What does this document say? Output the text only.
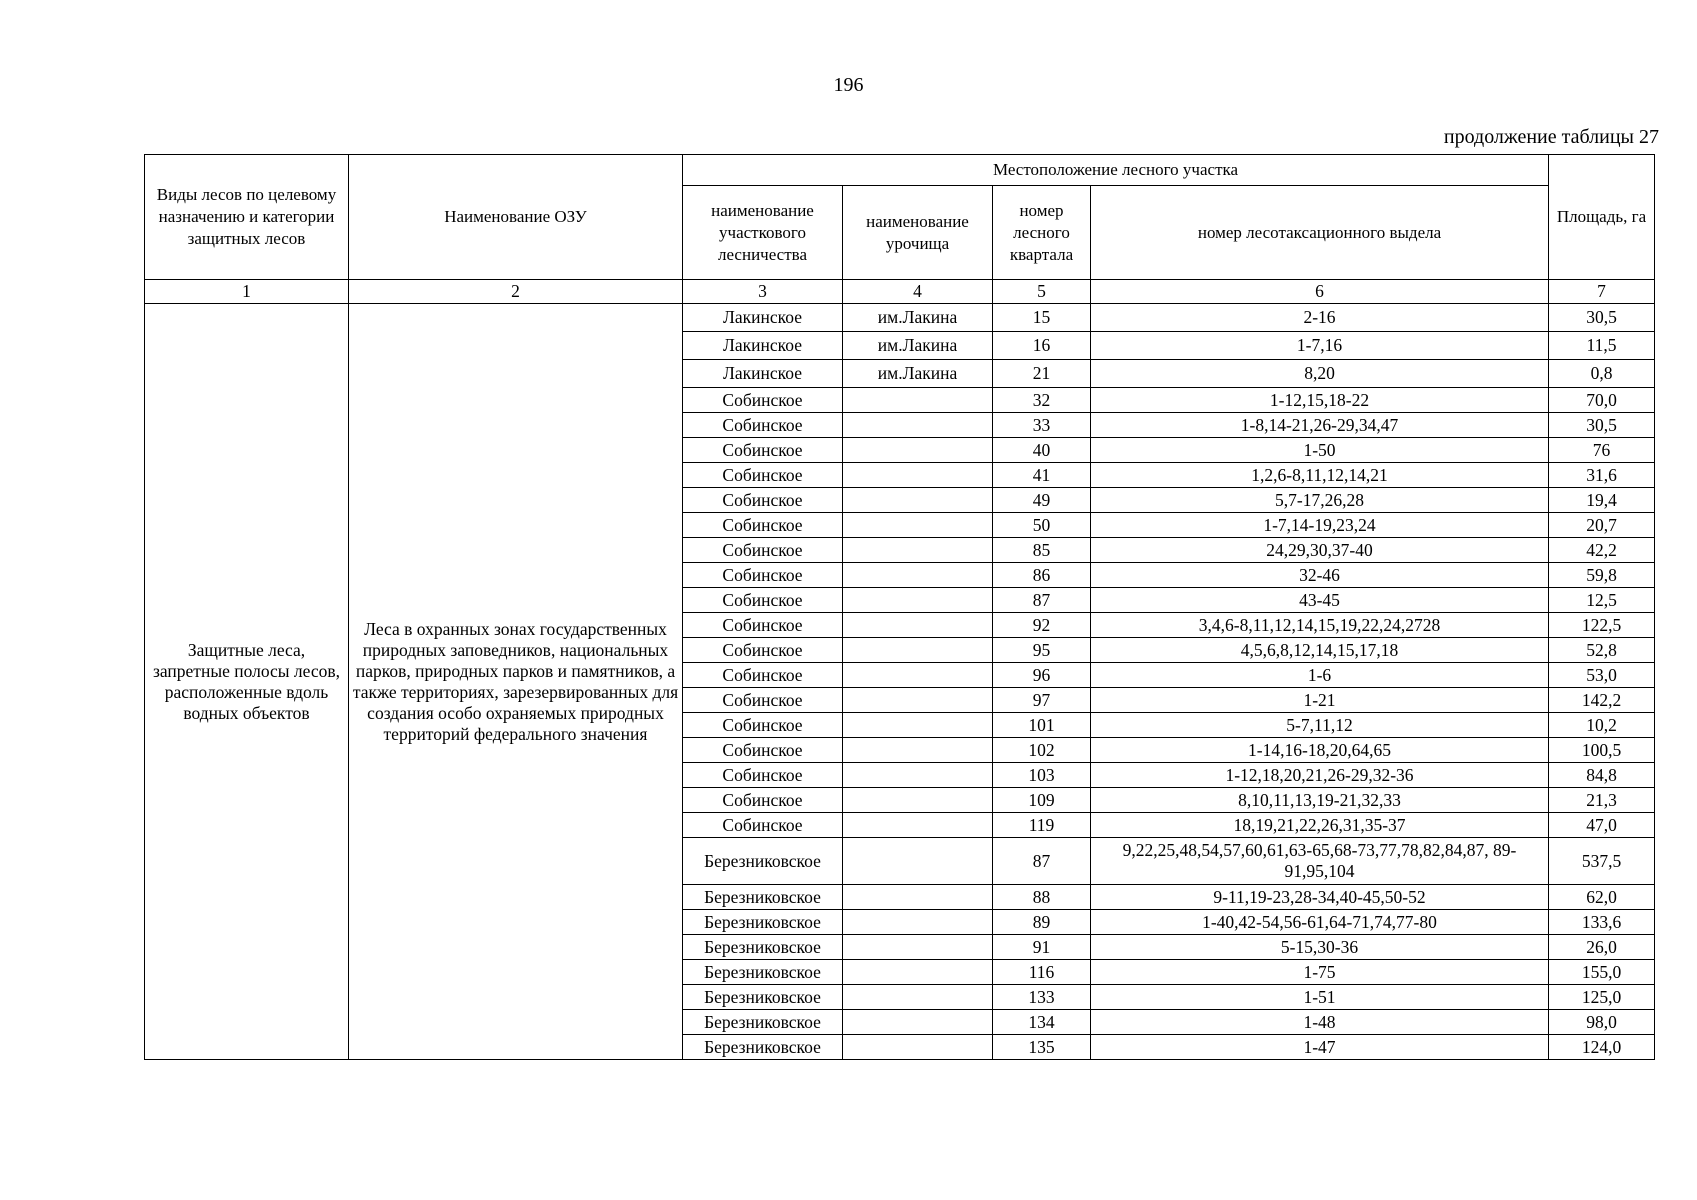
196
продолжение таблицы 27
Виды лесов по целевому назначению и категории защитных лесов	Наименование ОЗУ	Местоположение лесного участка				Площадь, га
		наименование участкового лесничества	наименование урочища	номер лесного квартала	номер лесотаксационного выдела	
1	2	3	4	5	6	7
Защитные леса, запретные полосы лесов, расположенные вдоль водных объектов	Леса в охранных зонах государственных природных заповедников, национальных парков, природных парков и памятников, а также территориях, зарезервированных для создания особо охраняемых природных территорий федерального значения	Лакинское	им.Лакина	15	2-16	30,5
		Лакинское	им.Лакина	16	1-7,16	11,5
		Лакинское	им.Лакина	21	8,20	0,8
		Собинское		32	1-12,15,18-22	70,0
		Собинское		33	1-8,14-21,26-29,34,47	30,5
		Собинское		40	1-50	76
		Собинское		41	1,2,6-8,11,12,14,21	31,6
		Собинское		49	5,7-17,26,28	19,4
		Собинское		50	1-7,14-19,23,24	20,7
		Собинское		85	24,29,30,37-40	42,2
		Собинское		86	32-46	59,8
		Собинское		87	43-45	12,5
		Собинское		92	3,4,6-8,11,12,14,15,19,22,24,2728	122,5
		Собинское		95	4,5,6,8,12,14,15,17,18	52,8
		Собинское		96	1-6	53,0
		Собинское		97	1-21	142,2
		Собинское		101	5-7,11,12	10,2
		Собинское		102	1-14,16-18,20,64,65	100,5
		Собинское		103	1-12,18,20,21,26-29,32-36	84,8
		Собинское		109	8,10,11,13,19-21,32,33	21,3
		Собинское		119	18,19,21,22,26,31,35-37	47,0
		Березниковское		87	9,22,25,48,54,57,60,61,63-65,68-73,77,78,82,84,87, 89-91,95,104	537,5
		Березниковское		88	9-11,19-23,28-34,40-45,50-52	62,0
		Березниковское		89	1-40,42-54,56-61,64-71,74,77-80	133,6
		Березниковское		91	5-15,30-36	26,0
		Березниковское		116	1-75	155,0
		Березниковское		133	1-51	125,0
		Березниковское		134	1-48	98,0
		Березниковское		135	1-47	124,0
